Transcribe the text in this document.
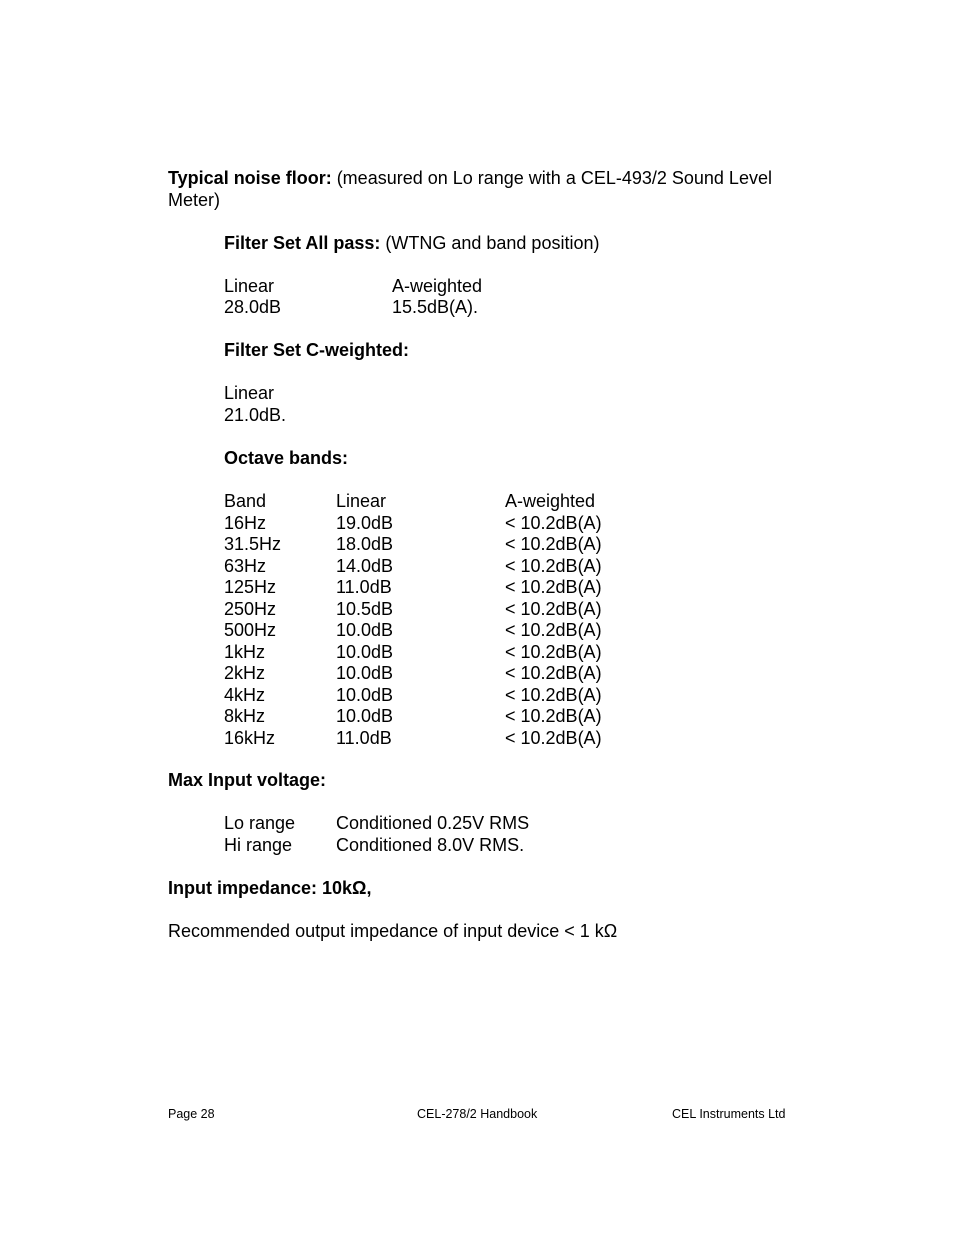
Typical noise floor: (measured on Lo range with a CEL-493/2 Sound Level Meter)
Filter Set All pass: (WTNG and band position)
Linear	A-weighted
28.0dB	15.5dB(A).
Filter Set C-weighted:
Linear
21.0dB.
Octave bands:
Band	Linear	A-weighted
16Hz	19.0dB	< 10.2dB(A)
31.5Hz	18.0dB	< 10.2dB(A)
63Hz	14.0dB	< 10.2dB(A)
125Hz	11.0dB	< 10.2dB(A)
250Hz	10.5dB	< 10.2dB(A)
500Hz	10.0dB	< 10.2dB(A)
1kHz	10.0dB	< 10.2dB(A)
2kHz	10.0dB	< 10.2dB(A)
4kHz	10.0dB	< 10.2dB(A)
8kHz	10.0dB	< 10.2dB(A)
16kHz	11.0dB	< 10.2dB(A)
Max Input voltage:
Lo range Conditioned 0.25V RMS
Hi range Conditioned 8.0V RMS.
Input impedance: 10kΩ,
Recommended output impedance of input device < 1 kΩ
Page 28	CEL-278/2 Handbook	CEL Instruments Ltd
